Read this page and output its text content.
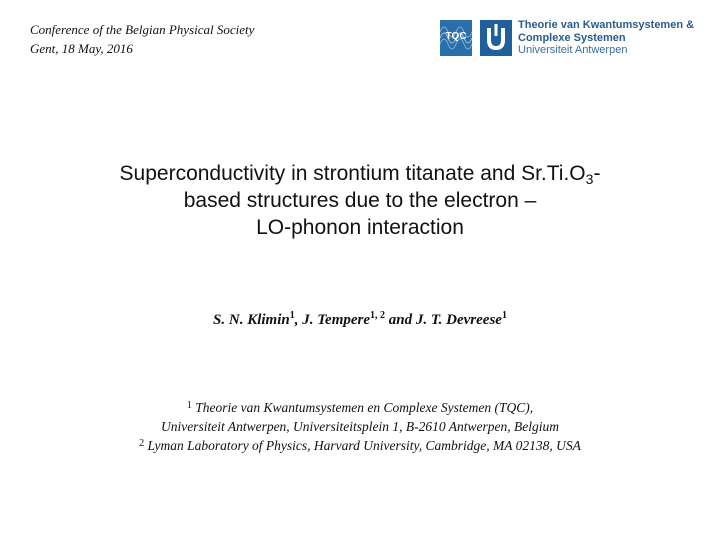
Conference of the Belgian Physical Society
Gent, 18 May, 2016
TQC
Theorie van Kwantumsystemen &
Complexe Systemen
Universiteit Antwerpen
Superconductivity in strontium titanate and $Sr.Ti.O_3-$
based structures due to the electron –
LO-phonon interaction
S. N. Klimin$^1$, J. Tempere$^{1, 2}$ and J. T. Devreese$^1$
$^1$ Theorie van Kwantumsystemen en Complexe Systemen (TQC),
Universiteit Antwerpen, Universiteitsplein 1, B-2610 Antwerpen, Belgium
$^2$ Lyman Laboratory of Physics, Harvard University, Cambridge, MA 02138, USA
